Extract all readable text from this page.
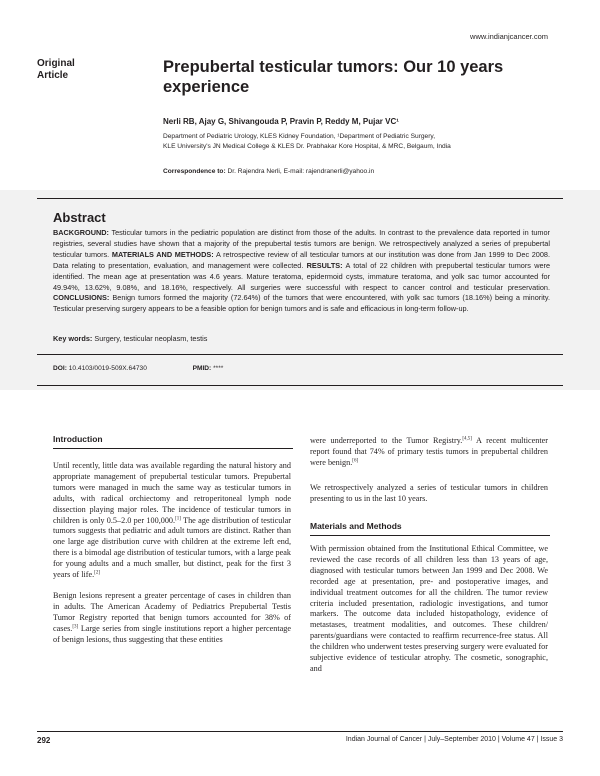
www.indianjcancer.com
Original
Article	Prepubertal testicular tumors: Our 10 years experience
Nerli RB, Ajay G, Shivangouda P, Pravin P, Reddy M, Pujar VC¹
Department of Pediatric Urology, KLES Kidney Foundation, ¹Department of Pediatric Surgery,
KLE University's JN Medical College & KLES Dr. Prabhakar Kore Hospital, & MRC, Belgaum, India
Correspondence to: Dr. Rajendra Nerli, E-mail: rajendranerli@yahoo.in
Abstract
BACKGROUND: Testicular tumors in the pediatric population are distinct from those of the adults. In contrast to the prevalence data reported in tumor registries, several studies have shown that a majority of the prepubertal testis tumors are benign. We retrospectively analyzed a series of prepubertal testicular tumors. MATERIALS AND METHODS: A retrospective review of all testicular tumors at our institution was done from Jan 1999 to Dec 2008. Data relating to presentation, evaluation, and management were collected. RESULTS: A total of 22 children with prepubertal testicular tumors were identified. The mean age at presentation was 4.6 years. Mature teratoma, epidermoid cysts, immature teratoma, and yolk sac tumor accounted for 49.94%, 13.62%, 9.08%, and 18.16%, respectively. All surgeries were successful with respect to cancer control and testicular preservation. CONCLUSIONS: Benign tumors formed the majority (72.64%) of the tumors that were encountered, with yolk sac tumors (18.16%) being a minority. Testicular preserving surgery appears to be a feasible option for benign tumors and is safe and efficacious in long-term follow-up.
Key words: Surgery, testicular neoplasm, testis
DOI: 10.4103/0019-509X.64730	PMID: ****
Introduction

Until recently, little data was available regarding the natural history and appropriate management of prepubertal testicular tumors. Prepubertal tumors were managed in much the same way as testicular tumors in adults, with radical orchiectomy and retroperitoneal lymph node dissection playing major roles. The incidence of testicular tumors in children is only 0.5–2.0 per 100,000.[1] The age distribution of testicular tumors suggests that pediatric and adult tumors are distinct. Rather than one large age distribution curve with children at the extreme left end, there is a bimodal age distribution of testicular tumors, with a large peak for young adults and a much smaller, but distinct, peak for the first 3 years of life.[2]

Benign lesions represent a greater percentage of cases in children than in adults. The American Academy of Pediatrics Prepubertal Testis Tumor Registry reported that benign tumors accounted for 38% of cases.[3] Large series from single institutions report a higher percentage of benign lesions, thus suggesting that these entities

were underreported to the Tumor Registry.[4,5] A recent multicenter report found that 74% of primary testis tumors in prepubertal children were benign.[6]

We retrospectively analyzed a series of testicular tumors in children presenting to us in the last 10 years.

Materials and Methods

With permission obtained from the Institutional Ethical Committee, we reviewed the case records of all children less than 13 years of age, diagnosed with testicular tumors between Jan 1999 and Dec 2008. We recorded age at presentation, pre- and postoperative images, and individual treatment outcomes for all the children. The tumor review criteria included presentation, radiologic investigations, and tumor markers. The outcome data included histopathology, evidence of metastases, treatment modalities, and outcomes. These children/ parents/guardians were contacted to reaffirm recurrence-free status. All the children who underwent testes preserving surgery were evaluated for subjective evidence of testicular atrophy. The cosmetic, sonographic, and

292	Indian Journal of Cancer | July–September 2010 | Volume 47 | Issue 3
